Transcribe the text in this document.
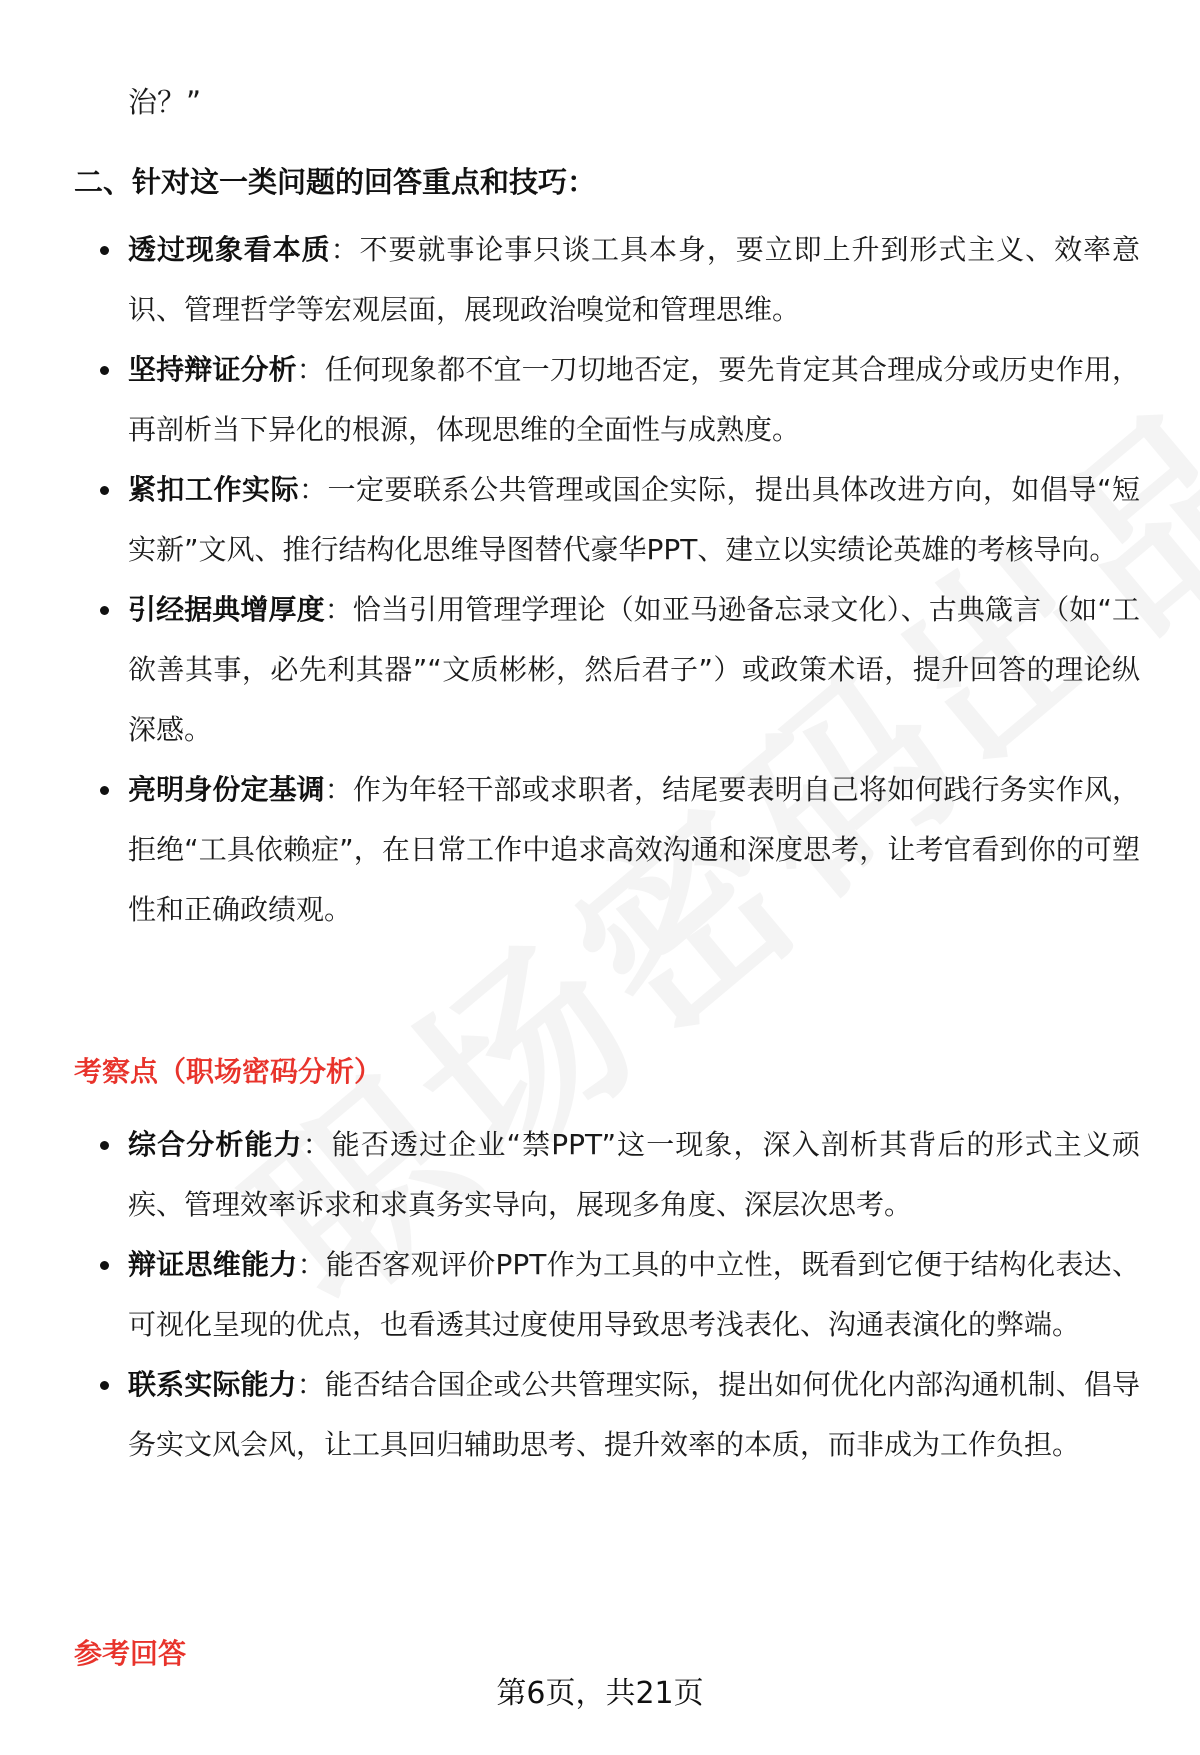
治？”
二、针对这一类问题的回答重点和技巧：
透过现象看本质：不要就事论事只谈工具本身，要立即上升到形式主义、效率意识、管理哲学等宏观层面，展现政治嗅觉和管理思维。
坚持辩证分析：任何现象都不宜一刀切地否定，要先肯定其合理成分或历史作用，再剖析当下异化的根源，体现思维的全面性与成熟度。
紧扣工作实际：一定要联系公共管理或国企实际，提出具体改进方向，如倡导“短实新”文风、推行结构化思维导图替代豪华PPT、建立以实绩论英雄的考核导向。
引经据典增厚度：恰当引用管理学理论（如亚马逊备忘录文化）、古典箴言（如“工欲善其事，必先利其器”“文质彬彬，然后君子”）或政策术语，提升回答的理论纵深感。
亮明身份定基调：作为年轻干部或求职者，结尾要表明自己将如何践行务实作风，拒绝“工具依赖症”，在日常工作中追求高效沟通和深度思考，让考官看到你的可塑性和正确政绩观。
考察点（职场密码分析）
综合分析能力：能否透过企业“禁PPT”这一现象，深入剖析其背后的形式主义顽疾、管理效率诉求和求真务实导向，展现多角度、深层次思考。
辩证思维能力：能否客观评价PPT作为工具的中立性，既看到它便于结构化表达、可视化呈现的优点，也看透其过度使用导致思考浅表化、沟通表演化的弊端。
联系实际能力：能否结合国企或公共管理实际，提出如何优化内部沟通机制、倡导务实文风会风，让工具回归辅助思考、提升效率的本质，而非成为工作负担。
参考回答
第6页，共21页
